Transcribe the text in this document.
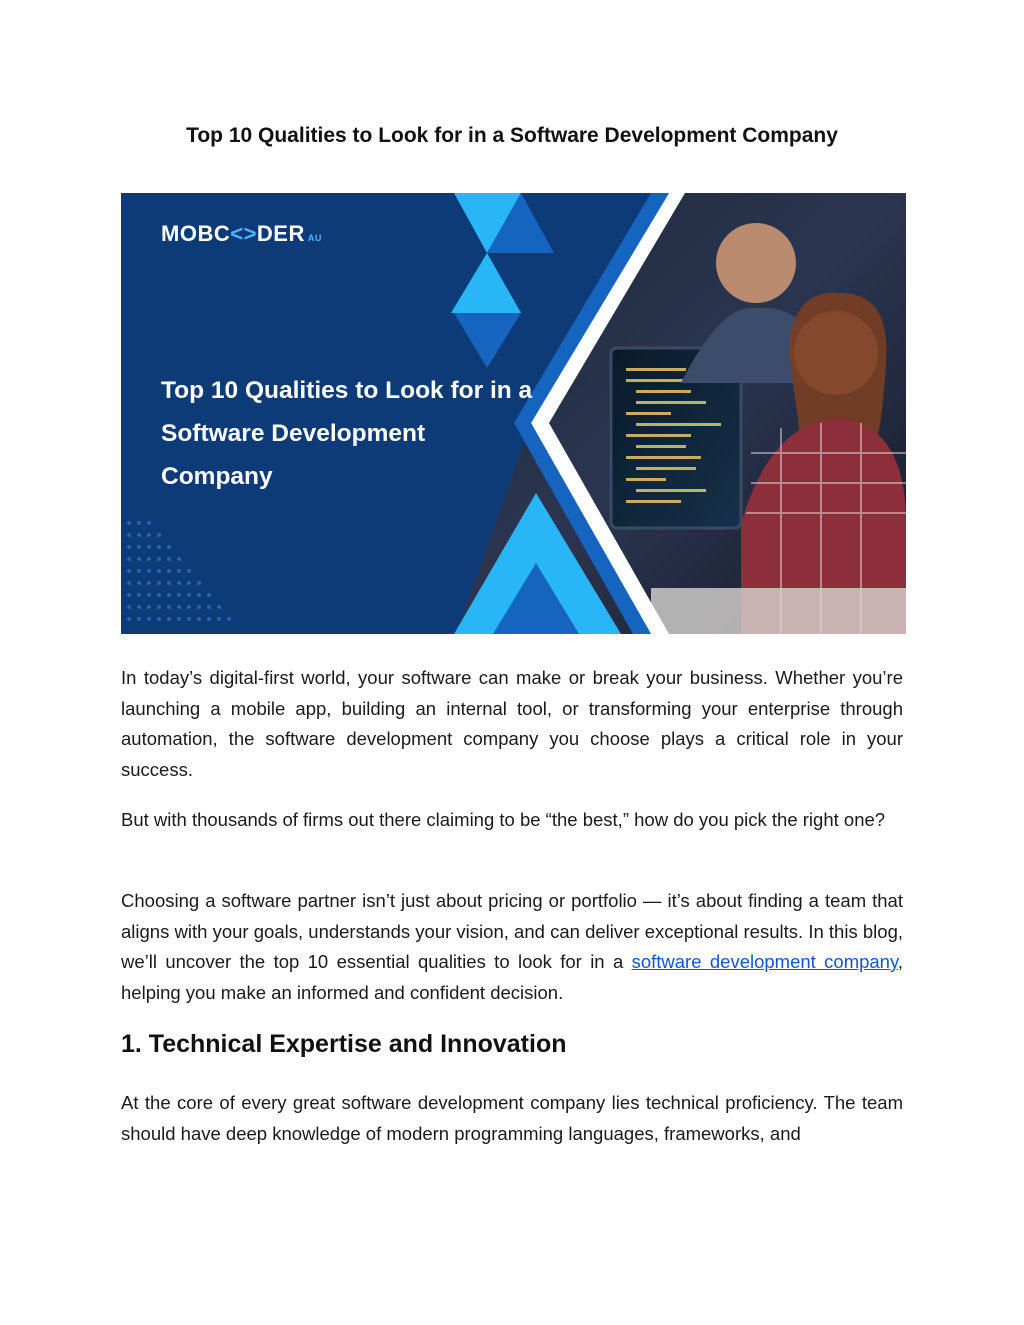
Top 10 Qualities to Look for in a Software Development Company
MOBC<>DER AU

Top 10 Qualities to Look for in a Software Development Company

In today’s digital-first world, your software can make or break your business. Whether you’re launching a mobile app, building an internal tool, or transforming your enterprise through automation, the software development company you choose plays a critical role in your success.

But with thousands of firms out there claiming to be “the best,” how do you pick the right one?

Choosing a software partner isn’t just about pricing or portfolio — it’s about finding a team that aligns with your goals, understands your vision, and can deliver exceptional results. In this blog, we’ll uncover the top 10 essential qualities to look for in a software development company, helping you make an informed and confident decision.

1. Technical Expertise and Innovation

At the core of every great software development company lies technical proficiency. The team should have deep knowledge of modern programming languages, frameworks, and
